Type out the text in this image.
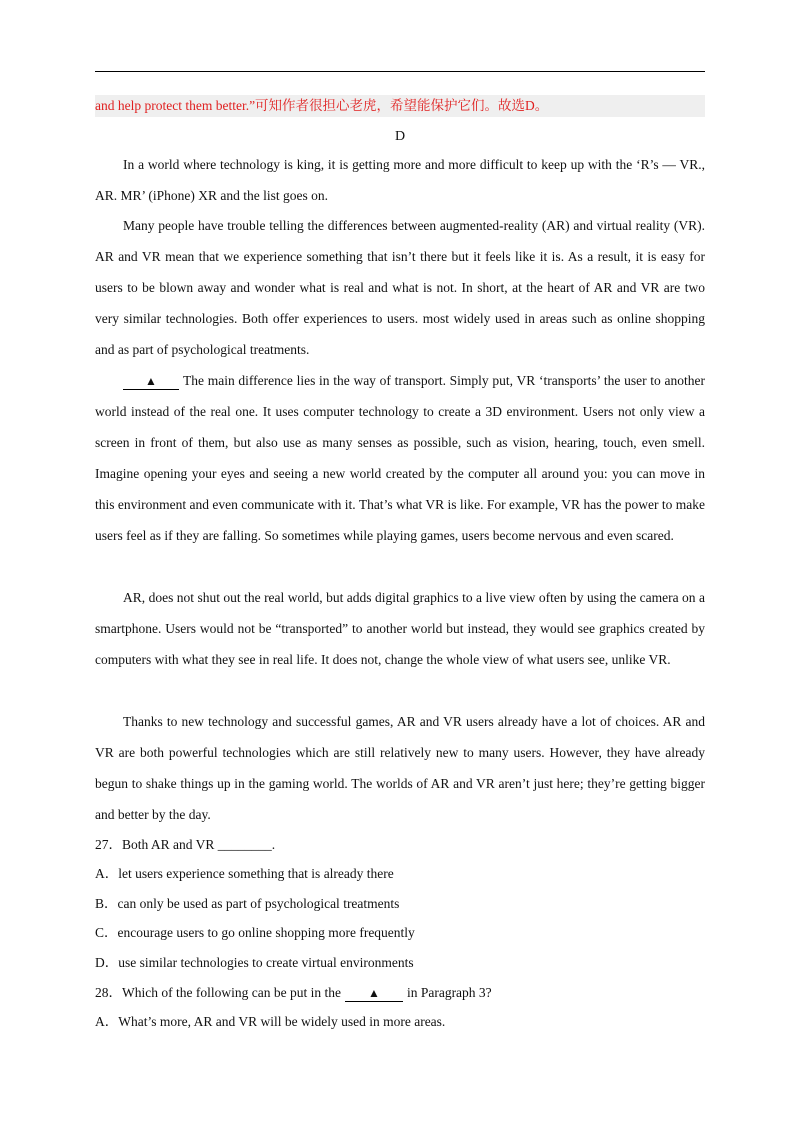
and help protect them better.”可知作者很担心老虎，希望能保护它们。故选D。
D

In a world where technology is king, it is getting more and more difficult to keep up with the ‘R’s — VR., AR. MR’ (iPhone) XR and the list goes on.

Many people have trouble telling the differences between augmented-reality (AR) and virtual reality (VR). AR and VR mean that we experience something that isn’t there but it feels like it is. As a result, it is easy for users to be blown away and wonder what is real and what is not. In short, at the heart of AR and VR are two very similar technologies. Both offer experiences to users. most widely used in areas such as online shopping and as part of psychological treatments.

▲ The main difference lies in the way of transport. Simply put, VR ‘transports’ the user to another world instead of the real one. It uses computer technology to create a 3D environment. Users not only view a screen in front of them, but also use as many senses as possible, such as vision, hearing, touch, even smell. Imagine opening your eyes and seeing a new world created by the computer all around you: you can move in this environment and even communicate with it. That’s what VR is like. For example, VR has the power to make users feel as if they are falling. So sometimes while playing games, users become nervous and even scared.

AR, does not shut out the real world, but adds digital graphics to a live view often by using the camera on a smartphone. Users would not be “transported” to another world but instead, they would see graphics created by computers with what they see in real life. It does not, change the whole view of what users see, unlike VR.

Thanks to new technology and successful games, AR and VR users already have a lot of choices. AR and VR are both powerful technologies which are still relatively new to many users. However, they have already begun to shake things up in the gaming world. The worlds of AR and VR aren’t just here; they’re getting bigger and better by the day.

27．Both AR and VR ________.
A．let users experience something that is already there
B．can only be used as part of psychological treatments
C．encourage users to go online shopping more frequently
D．use similar technologies to create virtual environments
28．Which of the following can be put in the ▲ in Paragraph 3?
A．What’s more, AR and VR will be widely used in more areas.
